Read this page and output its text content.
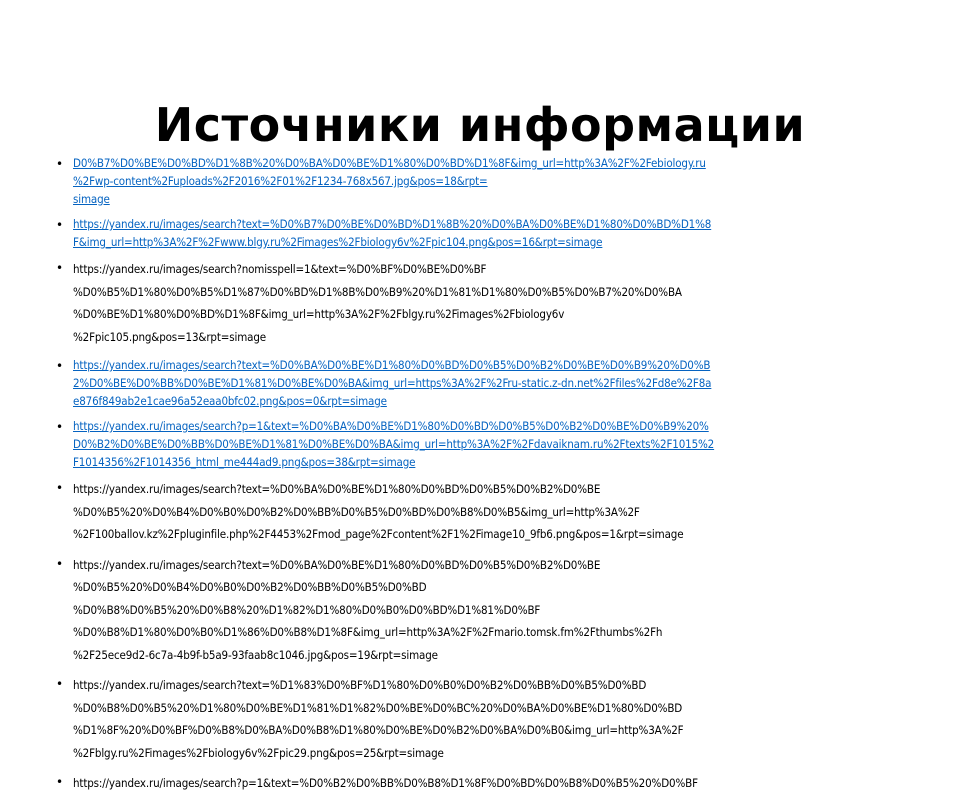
Источники информации
• D0%B7%D0%BE%D0%BD%D1%8B%20%D0%BA%D0%BE%D1%80%D0%BD%D1%8F&img_url=http%3A%2F%2Febiology.ru
%2Fwp-content%2Fuploads%2F2016%2F01%2F1234-768x567.jpg&pos=18&rpt=
simage
• https://yandex.ru/images/search?text=%D0%B7%D0%BE%D0%BD%D1%8B%20%D0%BA%D0%BE%D1%80%D0%BD%D1%8
F&img_url=http%3A%2F%2Fwww.blgy.ru%2Fimages%2Fbiology6v%2Fpic104.png&pos=16&rpt=simage
• https://yandex.ru/images/search?nomisspell=1&text=%D0%BF%D0%BE%D0%BF
%D0%B5%D1%80%D0%B5%D1%87%D0%BD%D1%8B%D0%B9%20%D1%81%D1%80%D0%B5%D0%B7%20%D0%BA
%D0%BE%D1%80%D0%BD%D1%8F&img_url=http%3A%2F%2Fblgy.ru%2Fimages%2Fbiology6v
%2Fpic105.png&pos=13&rpt=simage
• https://yandex.ru/images/search?text=%D0%BA%D0%BE%D1%80%D0%BD%D0%B5%D0%B2%D0%BE%D0%B9%20%D0%B
2%D0%BE%D0%BB%D0%BE%D1%81%D0%BE%D0%BA&img_url=https%3A%2F%2Fru-static.z-dn.net%2Ffiles%2Fd8e%2F8a
e876f849ab2e1cae96a52eaa0bfc02.png&pos=0&rpt=simage
• https://yandex.ru/images/search?p=1&text=%D0%BA%D0%BE%D1%80%D0%BD%D0%B5%D0%B2%D0%BE%D0%B9%20%
D0%B2%D0%BE%D0%BB%D0%BE%D1%81%D0%BE%D0%BA&img_url=http%3A%2F%2Fdavaiknam.ru%2Ftexts%2F1015%2
F1014356%2F1014356_html_me444ad9.png&pos=38&rpt=simage
• https://yandex.ru/images/search?text=%D0%BA%D0%BE%D1%80%D0%BD%D0%B5%D0%B2%D0%BE
%D0%B5%20%D0%B4%D0%B0%D0%B2%D0%BB%D0%B5%D0%BD%D0%B8%D0%B5&img_url=http%3A%2F
%2F100ballov.kz%2Fpluginfile.php%2F4453%2Fmod_page%2Fcontent%2F1%2Fimage10_9fb6.png&pos=1&rpt=simage
• https://yandex.ru/images/search?text=%D0%BA%D0%BE%D1%80%D0%BD%D0%B5%D0%B2%D0%BE
%D0%B5%20%D0%B4%D0%B0%D0%B2%D0%BB%D0%B5%D0%BD
%D0%B8%D0%B5%20%D0%B8%20%D1%82%D1%80%D0%B0%D0%BD%D1%81%D0%BF
%D0%B8%D1%80%D0%B0%D1%86%D0%B8%D1%8F&img_url=http%3A%2F%2Fmario.tomsk.fm%2Fthumbs%2Fh
%2F25ece9d2-6c7a-4b9f-b5a9-93faab8c1046.jpg&pos=19&rpt=simage
• https://yandex.ru/images/search?text=%D1%83%D0%BF%D1%80%D0%B0%D0%B2%D0%BB%D0%B5%D0%BD
%D0%B8%D0%B5%20%D1%80%D0%BE%D1%81%D1%82%D0%BE%D0%BC%20%D0%BA%D0%BE%D1%80%D0%BD
%D1%8F%20%D0%BF%D0%B8%D0%BA%D0%B8%D1%80%D0%BE%D0%B2%D0%BA%D0%B0&img_url=http%3A%2F
%2Fblgy.ru%2Fimages%2Fbiology6v%2Fpic29.png&pos=25&rpt=simage
• https://yandex.ru/images/search?p=1&text=%D0%B2%D0%BB%D0%B8%D1%8F%D0%BD%D0%B8%D0%B5%20%D0%BF
